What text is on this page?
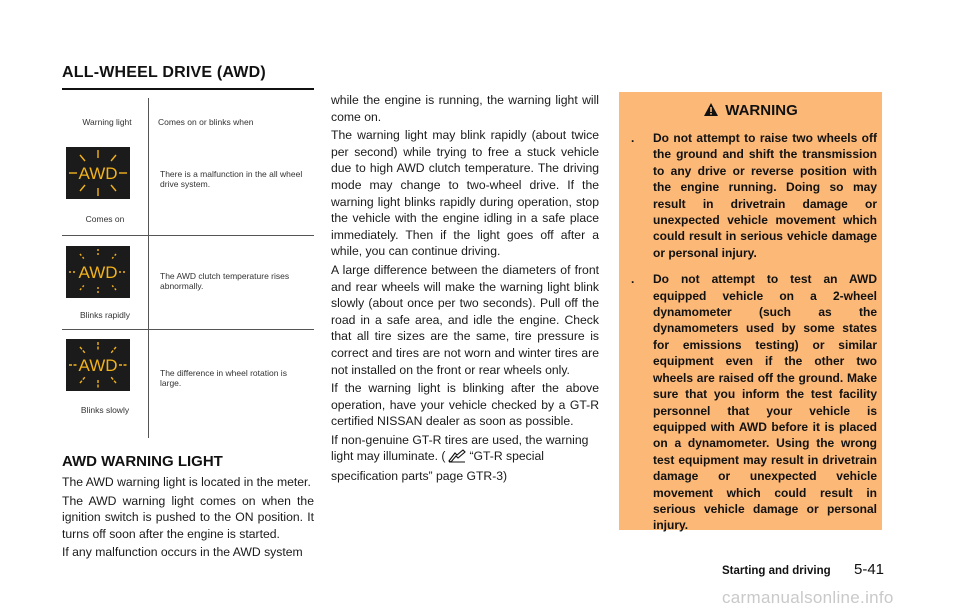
ALL-WHEEL DRIVE (AWD)
Warning light	Comes on or blinks when
AWD
Comes on
There is a malfunction in the all wheel drive system.
AWD
Blinks rapidly
The AWD clutch temperature rises abnormally.
AWD
Blinks slowly
The difference in wheel rotation is large.
AWD WARNING LIGHT

The AWD warning light is located in the meter.

The AWD warning light comes on when the ignition switch is pushed to the ON position. It turns off soon after the engine is started.

If any malfunction occurs in the AWD system

while the engine is running, the warning light will come on.

The warning light may blink rapidly (about twice per second) while trying to free a stuck vehicle due to high AWD clutch temperature. The driving mode may change to two-wheel drive. If the warning light blinks rapidly during operation, stop the vehicle with the engine idling in a safe place immediately. Then if the light goes off after a while, you can continue driving.

A large difference between the diameters of front and rear wheels will make the warning light blink slowly (about once per two seconds). Pull off the road in a safe area, and idle the engine. Check that all tire sizes are the same, tire pressure is correct and tires are not worn and winter tires are not installed on the front or rear wheels only.

If the warning light is blinking after the above operation, have your vehicle checked by a GT-R certified NISSAN dealer as soon as possible.

If non-genuine GT-R tires are used, the warning light may illuminate. ( “GT-R special specification parts” page GTR-3)

WARNING
. Do not attempt to raise two wheels off the ground and shift the transmission to any drive or reverse position with the engine running. Doing so may result in drivetrain damage or unexpected vehicle movement which could result in serious vehicle damage or personal injury.
. Do not attempt to test an AWD equipped vehicle on a 2-wheel dynamometer (such as the dynamometers used by some states for emissions testing) or similar equipment even if the other two wheels are raised off the ground. Make sure that you inform the test facility personnel that your vehicle is equipped with AWD before it is placed on a dynamometer. Using the wrong test equipment may result in drivetrain damage or unexpected vehicle movement which could result in serious vehicle damage or personal injury.
Starting and driving 5-41
carmanualsonline.info
